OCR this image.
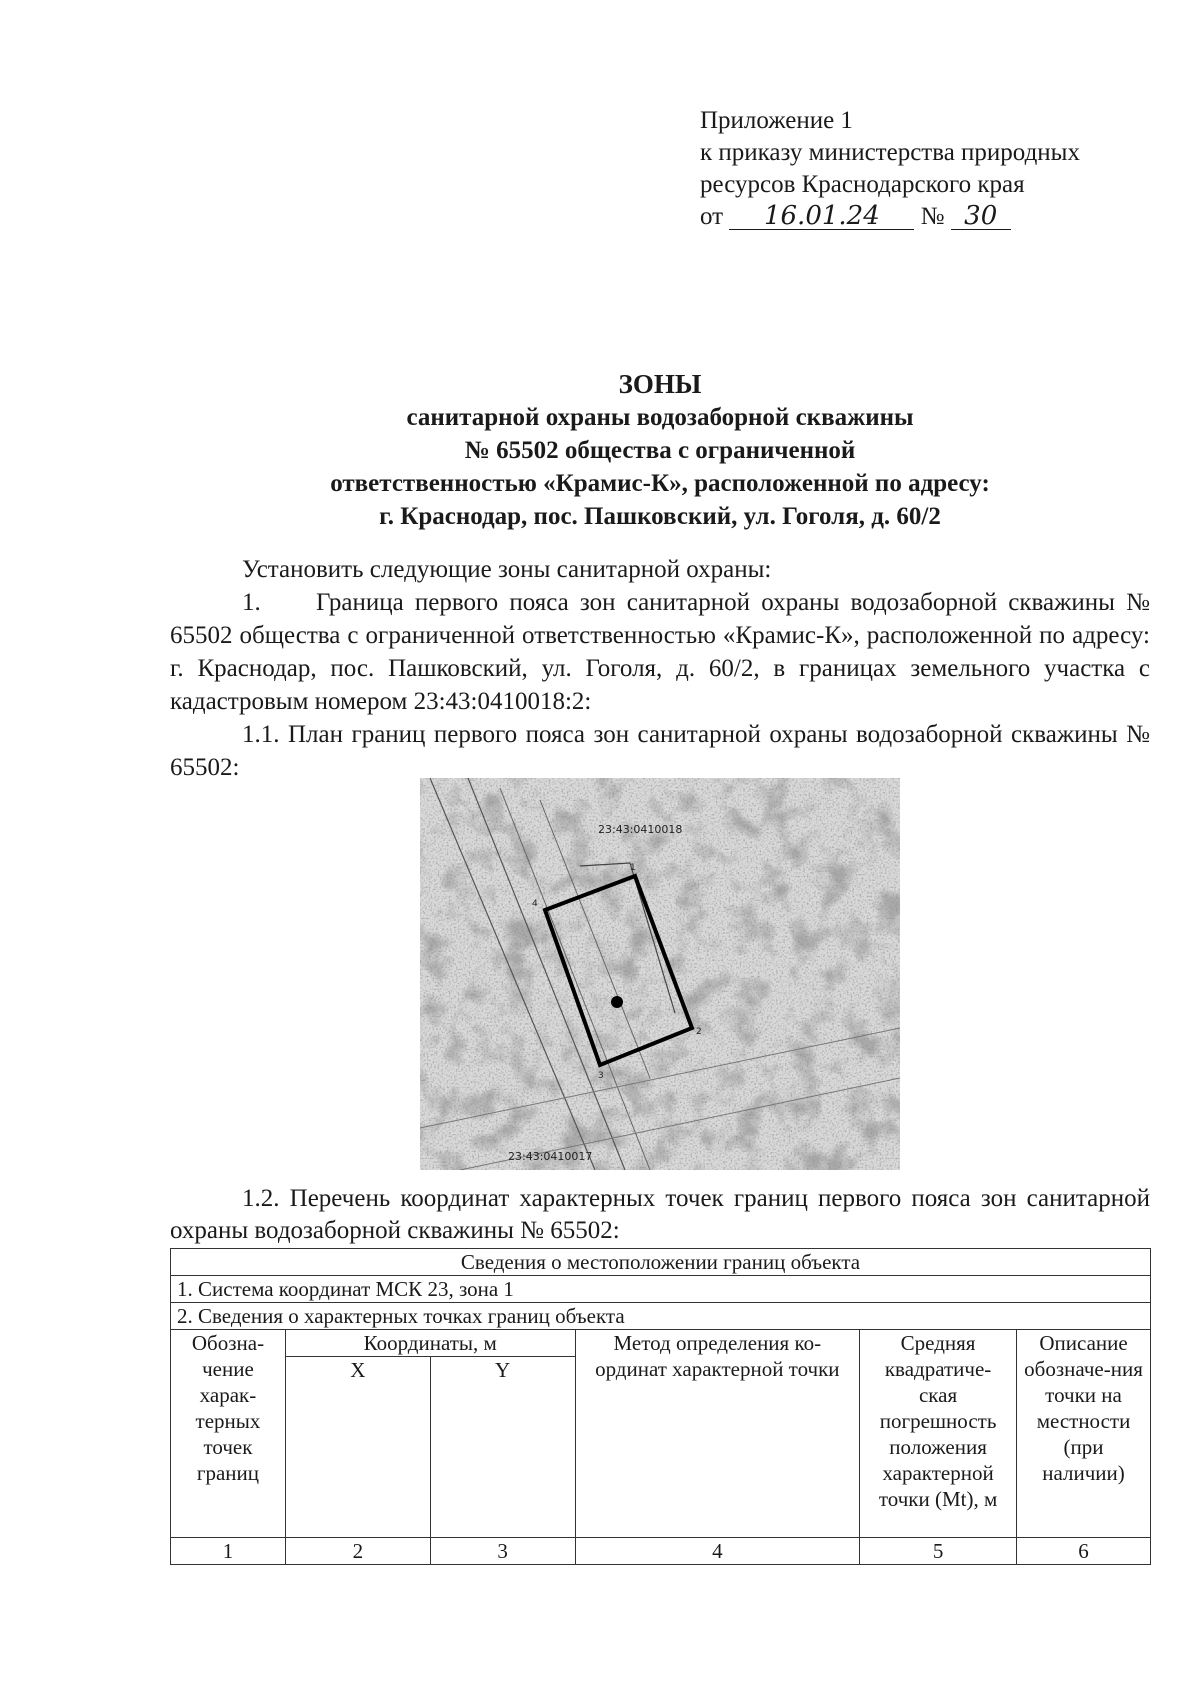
Приложение 1
к приказу министерства природных
ресурсов Краснодарского края
от 16.01.24 № 30
ЗОНЫ
санитарной охраны водозаборной скважины
№ 65502 общества с ограниченной
ответственностью «Крамис-К», расположенной по адресу:
г. Краснодар, пос. Пашковский, ул. Гоголя, д. 60/2

Установить следующие зоны санитарной охраны:

1. Граница первого пояса зон санитарной охраны водозаборной скважины № 65502 общества с ограниченной ответственностью «Крамис-К», расположенной по адресу: г. Краснодар, пос. Пашковский, ул. Гоголя, д. 60/2, в границах земельного участка с кадастровым номером 23:43:0410018:2:

1.1. План границ первого пояса зон санитарной охраны водозаборной скважины № 65502:

23:43:0410018
23:43:0410017
1
2
3
4

1.2. Перечень координат характерных точек границ первого пояса зон санитарной охраны водозаборной скважины № 65502:

Сведения о местоположении границ объекта					
1. Система координат МСК 23, зона 1					
2. Сведения о характерных точках границ объекта					
Обозна-чение харак-терных точек границ	Координаты, м		Метод определения ко-ординат характерной точки	Средняя квадратиче-ская погрешность положения характерной точки (Mt), м	Описание обозначе-ния точки на местности (при наличии)
	X	Y			
1	2	3	4	5	6
